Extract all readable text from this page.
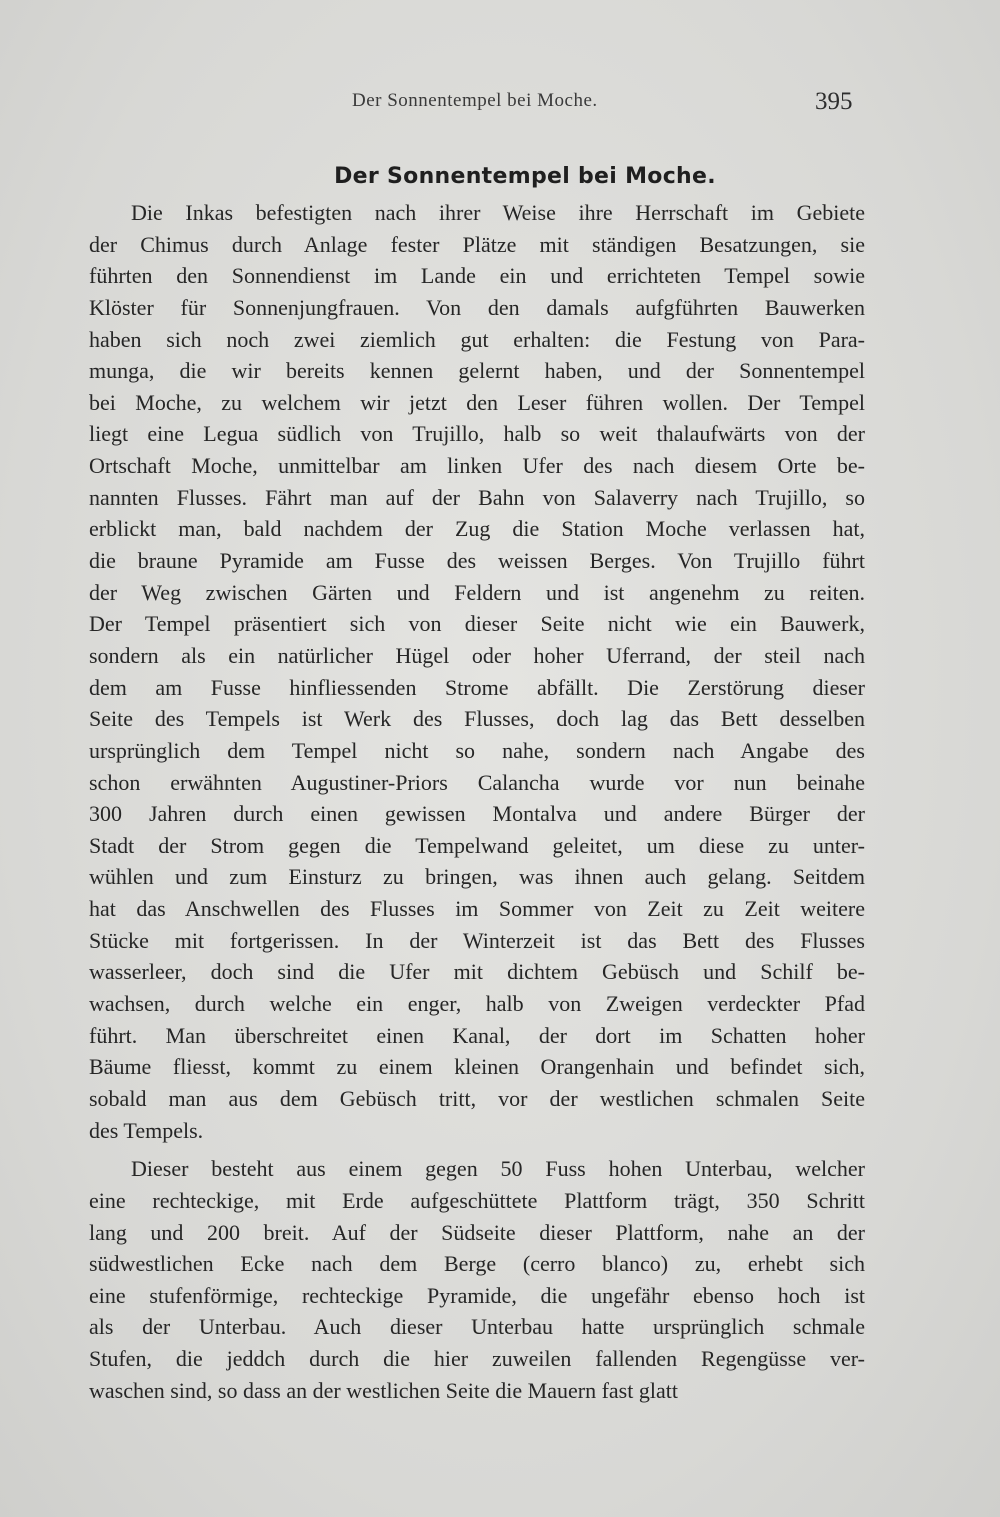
Der Sonnentempel bei Moche.	395
Der Sonnentempel bei Moche.
Die Inkas befestigten nach ihrer Weise ihre Herrschaft im Gebiete
der Chimus durch Anlage fester Plätze mit ständigen Besatzungen, sie
führten den Sonnendienst im Lande ein und errichteten Tempel sowie
Klöster für Sonnenjungfrauen. Von den damals aufgführten Bauwerken
haben sich noch zwei ziemlich gut erhalten: die Festung von Para-
munga, die wir bereits kennen gelernt haben, und der Sonnentempel
bei Moche, zu welchem wir jetzt den Leser führen wollen. Der Tempel
liegt eine Legua südlich von Trujillo, halb so weit thalaufwärts von der
Ortschaft Moche, unmittelbar am linken Ufer des nach diesem Orte be-
nannten Flusses. Fährt man auf der Bahn von Salaverry nach Trujillo, so
erblickt man, bald nachdem der Zug die Station Moche verlassen hat,
die braune Pyramide am Fusse des weissen Berges. Von Trujillo führt
der Weg zwischen Gärten und Feldern und ist angenehm zu reiten.
Der Tempel präsentiert sich von dieser Seite nicht wie ein Bauwerk,
sondern als ein natürlicher Hügel oder hoher Uferrand, der steil nach
dem am Fusse hinfliessenden Strome abfällt. Die Zerstörung dieser
Seite des Tempels ist Werk des Flusses, doch lag das Bett desselben
ursprünglich dem Tempel nicht so nahe, sondern nach Angabe des
schon erwähnten Augustiner-Priors Calancha wurde vor nun beinahe
300 Jahren durch einen gewissen Montalva und andere Bürger der
Stadt der Strom gegen die Tempelwand geleitet, um diese zu unter-
wühlen und zum Einsturz zu bringen, was ihnen auch gelang. Seitdem
hat das Anschwellen des Flusses im Sommer von Zeit zu Zeit weitere
Stücke mit fortgerissen. In der Winterzeit ist das Bett des Flusses
wasserleer, doch sind die Ufer mit dichtem Gebüsch und Schilf be-
wachsen, durch welche ein enger, halb von Zweigen verdeckter Pfad
führt. Man überschreitet einen Kanal, der dort im Schatten hoher
Bäume fliesst, kommt zu einem kleinen Orangenhain und befindet sich,
sobald man aus dem Gebüsch tritt, vor der westlichen schmalen Seite
des Tempels.
Dieser besteht aus einem gegen 50 Fuss hohen Unterbau, welcher
eine rechteckige, mit Erde aufgeschüttete Plattform trägt, 350 Schritt
lang und 200 breit. Auf der Südseite dieser Plattform, nahe an der
südwestlichen Ecke nach dem Berge (cerro blanco) zu, erhebt sich
eine stufenförmige, rechteckige Pyramide, die ungefähr ebenso hoch ist
als der Unterbau. Auch dieser Unterbau hatte ursprünglich schmale
Stufen, die jeddch durch die hier zuweilen fallenden Regengüsse ver-
waschen sind, so dass an der westlichen Seite die Mauern fast glatt
